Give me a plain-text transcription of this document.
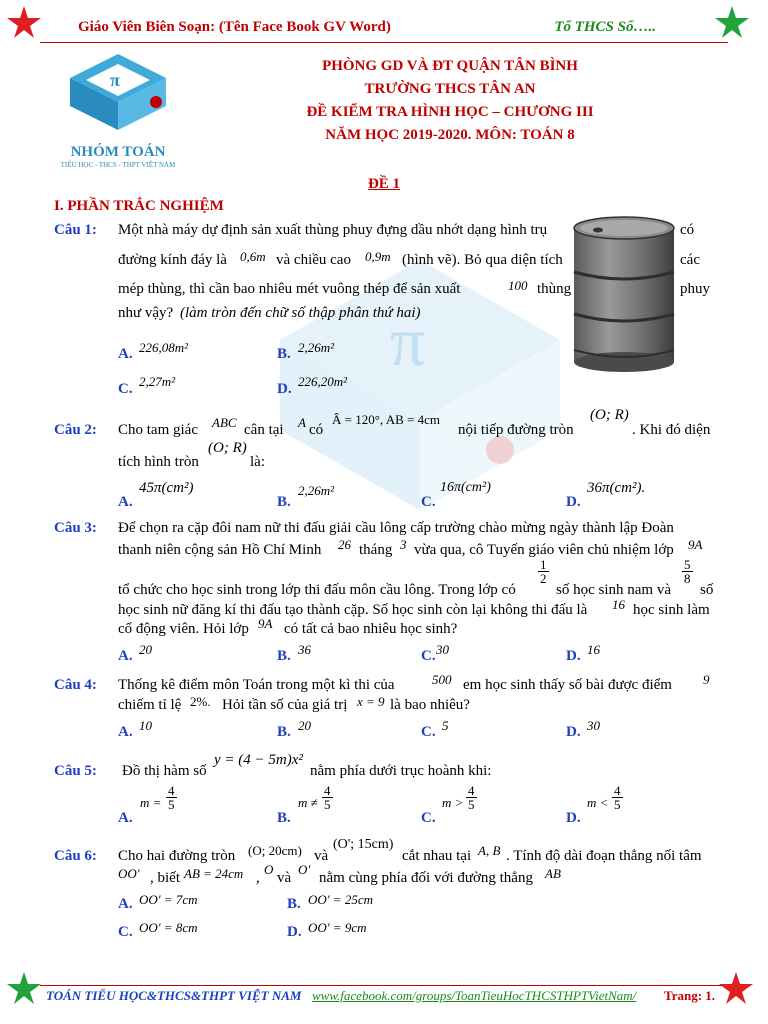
Giáo Viên Biên Soạn: (Tên Face Book GV Word)	Tổ THCS Số…..
π
NHÓM TOÁN
TIỂU HỌC - THCS - THPT VIỆT NAM
π
PHÒNG GD VÀ ĐT QUẬN TÂN BÌNH
TRƯỜNG THCS TÂN AN
ĐỀ KIỂM TRA HÌNH HỌC – CHƯƠNG III
NĂM HỌC 2019-2020. MÔN: TOÁN 8
ĐỀ 1
I. PHẦN TRẮC NGHIỆM
Câu 1: Một nhà máy dự định sản xuất thùng phuy đựng dầu nhớt dạng hình trụ	có
đường kính đáy là 0,6m và chiều cao 0,9m (hình vẽ). Bỏ qua diện tích	các
mép thùng, thì cần bao nhiêu mét vuông thép để sản xuất	100 thùng	phuy
như vậy? (làm tròn đến chữ số thập phân thứ hai)
A. 226,08m²	B. 2,26m²
C. 2,27m²	D. 226,20m²
Câu 2: Cho tam giác ABC cân tại A có
Â = 120°, AB = 4cm
nội tiếp đường tròn
(O; R)
. Khi đó diện
tích hình tròn
(O; R)
là:
A.
45π(cm²)
B.
2,26m²
C.
16π(cm²)
D.
36π(cm²).
Câu 3: Để chọn ra cặp đôi nam nữ thi đấu giải cầu lông cấp trường chào mừng ngày thành lập Đoàn
thanh niên cộng sản Hồ Chí Minh 26 tháng 3 vừa qua, cô Tuyến giáo viên chủ nhiệm lớp 9A
tổ chức cho học sinh trong lớp thi đấu môn cầu lông. Trong lớp có
$\frac{1}{2}$
số học sinh nam và
$\frac{5}{8}$
số
học sinh nữ đăng kí thi đấu tạo thành cặp. Số học sinh còn lại không thi đấu là 16 học sinh làm
cổ động viên. Hỏi lớp 9A có tất cả bao nhiêu học sinh?
A. 20	B. 36	C. 30	D. 16
Câu 4: Thống kê điểm môn Toán trong một kì thi của	500 em học sinh thấy số bài được điểm 9
chiếm tỉ lệ 2%. Hỏi tần số của giá trị x = 9 là bao nhiêu?
A. 10	B. 20	C. 5	D. 30
Câu 5: Đồ thị hàm số
y = (4 − 5m)x²
nằm phía dưới trục hoành khi:
A.
$m = \frac{4}{5}$
B.
$m \ne \frac{4}{5}$
C.
$m > \frac{4}{5}$
D.
$m < \frac{4}{5}$
Câu 6: Cho hai đường tròn (O; 20cm) và
(O'; 15cm)
cắt nhau tại A, B . Tính độ dài đoạn thẳng nối tâm
OO' , biết AB = 24cm ,
O
và
O'
nằm cùng phía đối với đường thẳng AB
A. OO' = 7cm	B. OO' = 25cm
C. OO' = 8cm	D. OO' = 9cm
TOÁN TIỂU HỌC&THCS&THPT VIỆT NAM www.facebook.com/groups/ToanTieuHocTHCSTHPTVietNam/ Trang: 1.
